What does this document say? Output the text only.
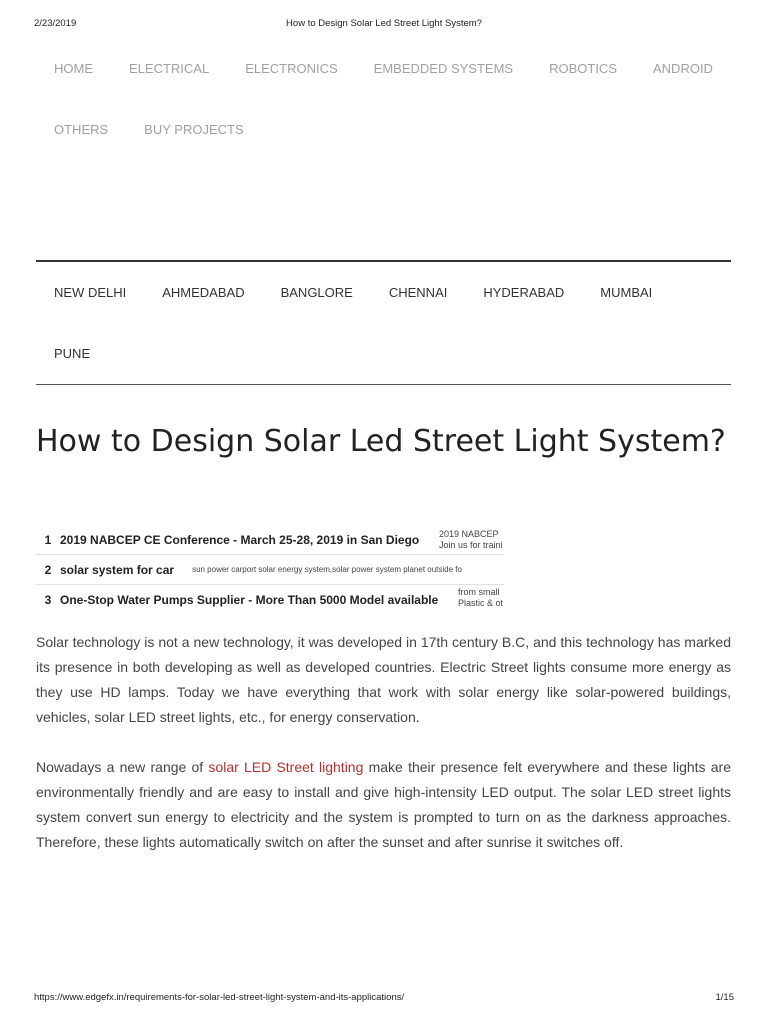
2/23/2019	How to Design Solar Led Street Light System?
HOME	ELECTRICAL	ELECTRONICS	EMBEDDED SYSTEMS	ROBOTICS	ANDROID
OTHERS	BUY PROJECTS
NEW DELHI	AHMEDABAD	BANGLORE	CHENNAI	HYDERABAD	MUMBAI
PUNE
How to Design Solar Led Street Light System?
1 2019 NABCEP CE Conference - March 25-28, 2019 in San Diego 2019 NABCEP
Join us for traini
2 solar system for car sun power carport solar energy system,solar power system planet outside fo
3 One-Stop Water Pumps Supplier - More Than 5000 Model available
from small
Plastic & ot

Solar technology is not a new technology, it was developed in 17th century B.C, and this technology has marked its presence in both developing as well as developed countries. Electric Street lights consume more energy as they use HD lamps. Today we have everything that work with solar energy like solar-powered buildings, vehicles, solar LED street lights, etc., for energy conservation.

Nowadays a new range of solar LED Street lighting make their presence felt everywhere and these lights are environmentally friendly and are easy to install and give high-intensity LED output. The solar LED street lights system convert sun energy to electricity and the system is prompted to turn on as the darkness approaches. Therefore, these lights automatically switch on after the sunset and after sunrise it switches off.

https://www.edgefx.in/requirements-for-solar-led-street-light-system-and-its-applications/	1/15
